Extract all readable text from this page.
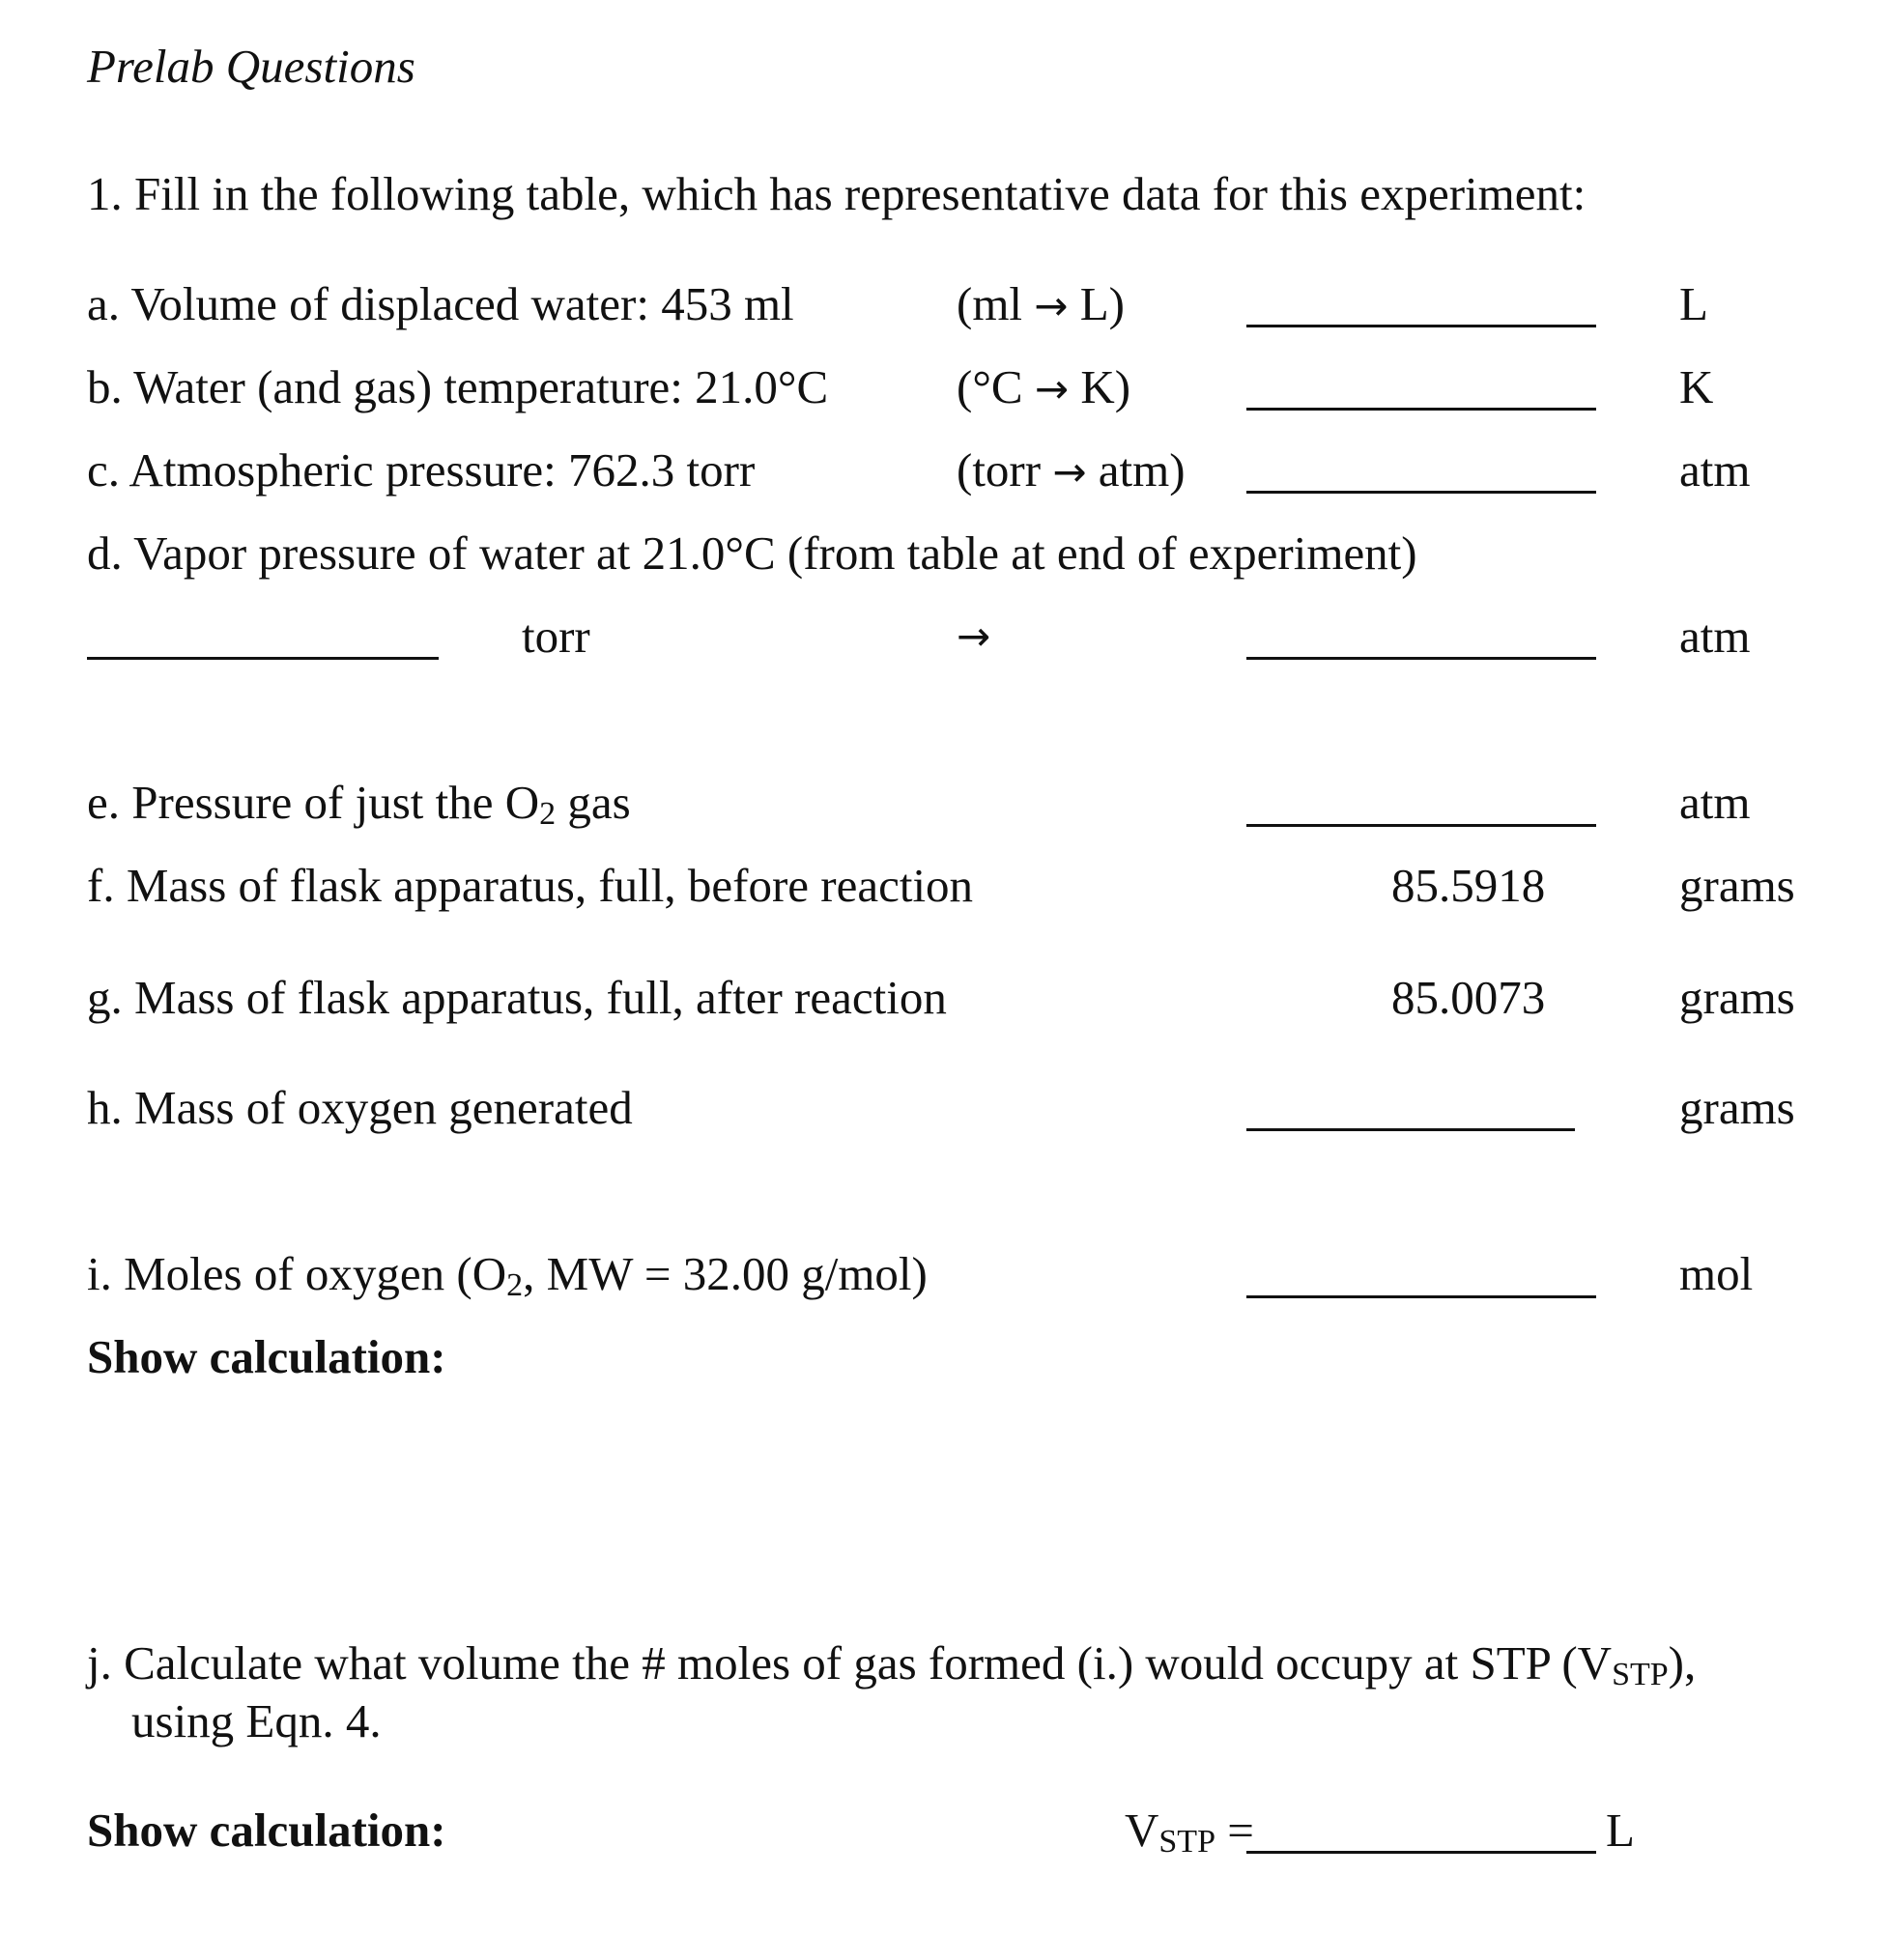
Prelab Questions
1. Fill in the following table, which has representative data for this experiment:
a. Volume of displaced water: 453 ml	(ml → L)	L
b. Water (and gas) temperature: 21.0°C	(°C → K)	K
c. Atmospheric pressure: 762.3 torr	(torr → atm)	atm
d. Vapor pressure of water at 21.0°C (from table at end of experiment)
torr	→	atm
e. Pressure of just the O2 gas	atm
f. Mass of flask apparatus, full, before reaction	85.5918	grams
g. Mass of flask apparatus, full, after reaction	85.0073	grams
h. Mass of oxygen generated	grams
i. Moles of oxygen (O2, MW = 32.00 g/mol)	mol
Show calculation:
j. Calculate what volume the # moles of gas formed (i.) would occupy at STP (VSTP),
using Eqn. 4.
Show calculation:	VSTP =	L
